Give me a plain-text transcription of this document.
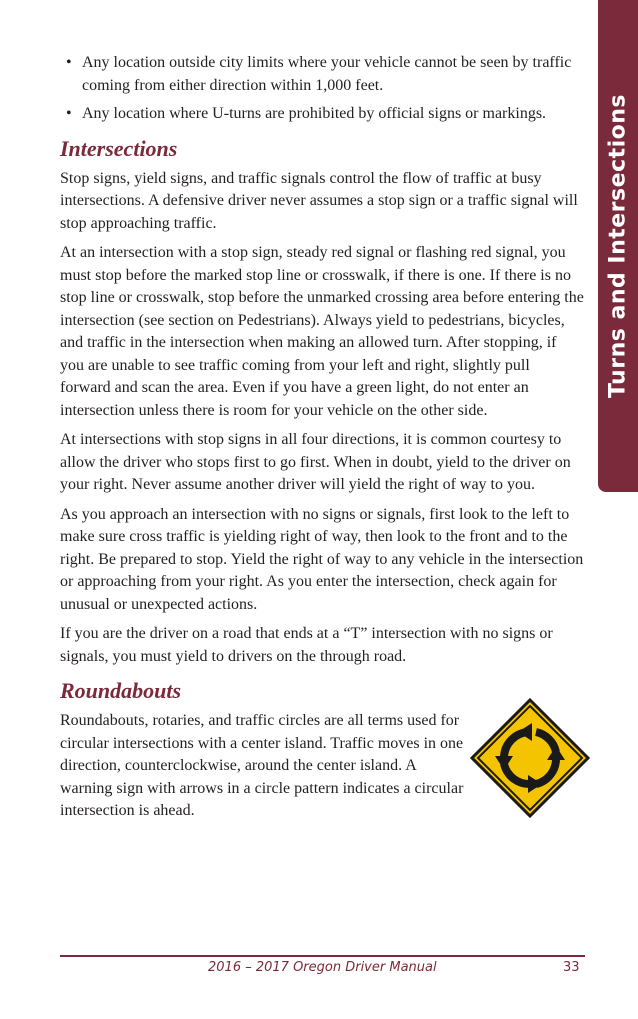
Turns and Intersections
• Any location outside city limits where your vehicle cannot be seen by traffic coming from either direction within 1,000 feet.
• Any location where U-turns are prohibited by official signs or markings.
Intersections

Stop signs, yield signs, and traffic signals control the flow of traffic at busy intersections. A defensive driver never assumes a stop sign or a traffic signal will stop approaching traffic.

At an intersection with a stop sign, steady red signal or flashing red signal, you must stop before the marked stop line or crosswalk, if there is one. If there is no stop line or crosswalk, stop before the unmarked crossing area before entering the intersection (see section on Pedestrians). Always yield to pedestrians, bicycles, and traffic in the intersection when making an allowed turn. After stopping, if you are unable to see traffic coming from your left and right, slightly pull forward and scan the area. Even if you have a green light, do not enter an intersection unless there is room for your vehicle on the other side.

At intersections with stop signs in all four directions, it is common courtesy to allow the driver who stops first to go first. When in doubt, yield to the driver on your right. Never assume another driver will yield the right of way to you.

As you approach an intersection with no signs or signals, first look to the left to make sure cross traffic is yielding right of way, then look to the front and to the right. Be prepared to stop. Yield the right of way to any vehicle in the intersection or approaching from your right. As you enter the intersection, check again for unusual or unexpected actions.

If you are the driver on a road that ends at a “T” intersection with no signs or signals, you must yield to drivers on the through road.

Roundabouts

Roundabouts, rotaries, and traffic circles are all terms used for circular intersections with a center island. Traffic moves in one direction, counterclockwise, around the center island. A warning sign with arrows in a circle pattern indicates a circular intersection is ahead.

2016 – 2017 Oregon Driver Manual	33
